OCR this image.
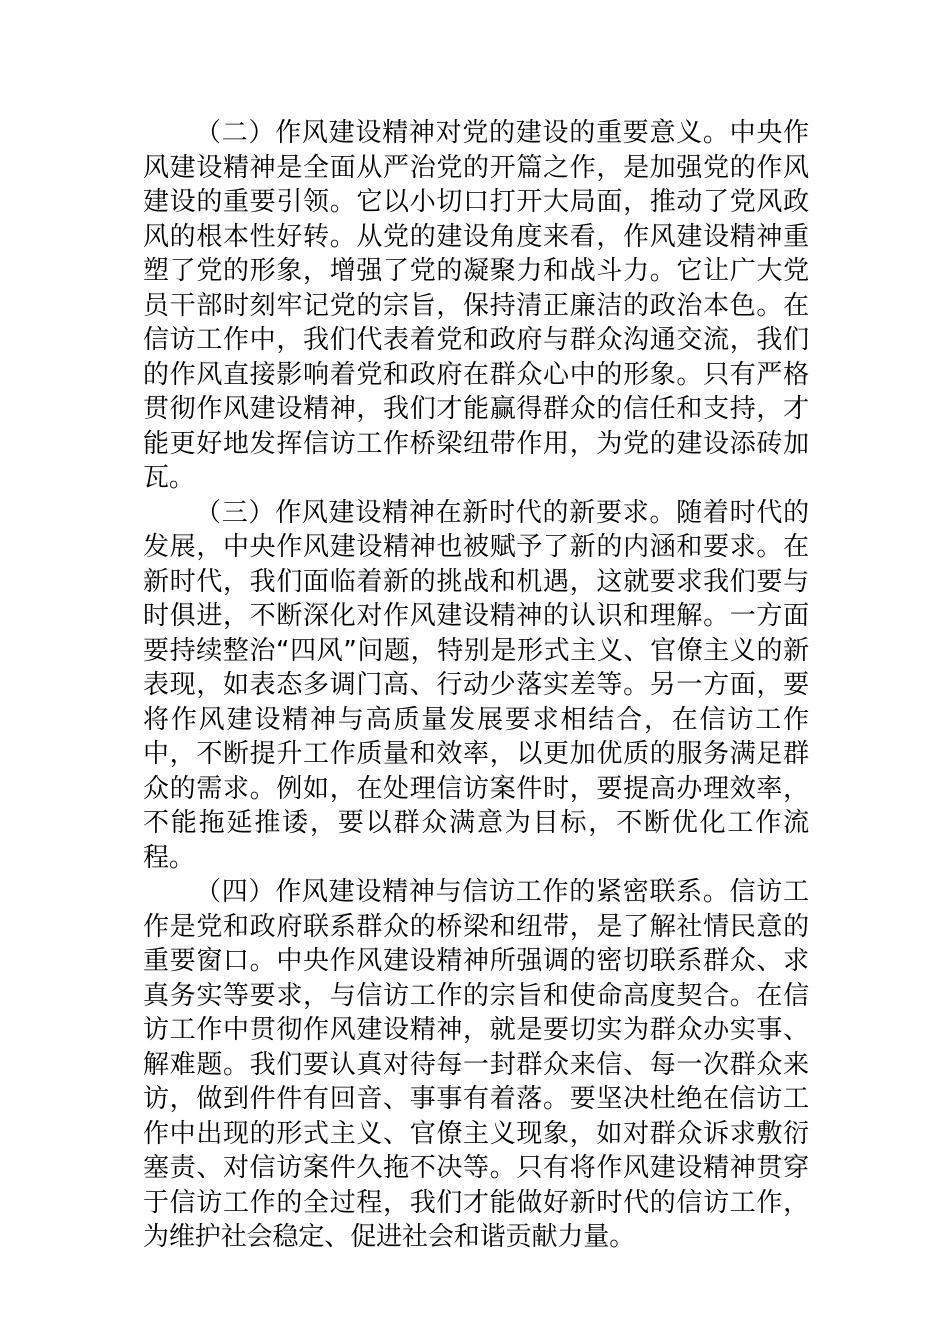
（二）作风建设精神对党的建设的重要意义。中央作风建设精神是全面从严治党的开篇之作，是加强党的作风建设的重要引领。它以小切口打开大局面，推动了党风政风的根本性好转。从党的建设角度来看，作风建设精神重塑了党的形象，增强了党的凝聚力和战斗力。它让广大党员干部时刻牢记党的宗旨，保持清正廉洁的政治本色。在信访工作中，我们代表着党和政府与群众沟通交流，我们的作风直接影响着党和政府在群众心中的形象。只有严格贯彻作风建设精神，我们才能赢得群众的信任和支持，才能更好地发挥信访工作桥梁纽带作用，为党的建设添砖加瓦。

（三）作风建设精神在新时代的新要求。随着时代的发展，中央作风建设精神也被赋予了新的内涵和要求。在新时代，我们面临着新的挑战和机遇，这就要求我们要与时俱进，不断深化对作风建设精神的认识和理解。一方面要持续整治“四风”问题，特别是形式主义、官僚主义的新表现，如表态多调门高、行动少落实差等。另一方面，要将作风建设精神与高质量发展要求相结合，在信访工作中，不断提升工作质量和效率，以更加优质的服务满足群众的需求。例如，在处理信访案件时，要提高办理效率，不能拖延推诿，要以群众满意为目标，不断优化工作流程。

（四）作风建设精神与信访工作的紧密联系。信访工作是党和政府联系群众的桥梁和纽带，是了解社情民意的重要窗口。中央作风建设精神所强调的密切联系群众、求真务实等要求，与信访工作的宗旨和使命高度契合。在信访工作中贯彻作风建设精神，就是要切实为群众办实事、解难题。我们要认真对待每一封群众来信、每一次群众来访，做到件件有回音、事事有着落。要坚决杜绝在信访工作中出现的形式主义、官僚主义现象，如对群众诉求敷衍塞责、对信访案件久拖不决等。只有将作风建设精神贯穿于信访工作的全过程，我们才能做好新时代的信访工作，为维护社会稳定、促进社会和谐贡献力量。
